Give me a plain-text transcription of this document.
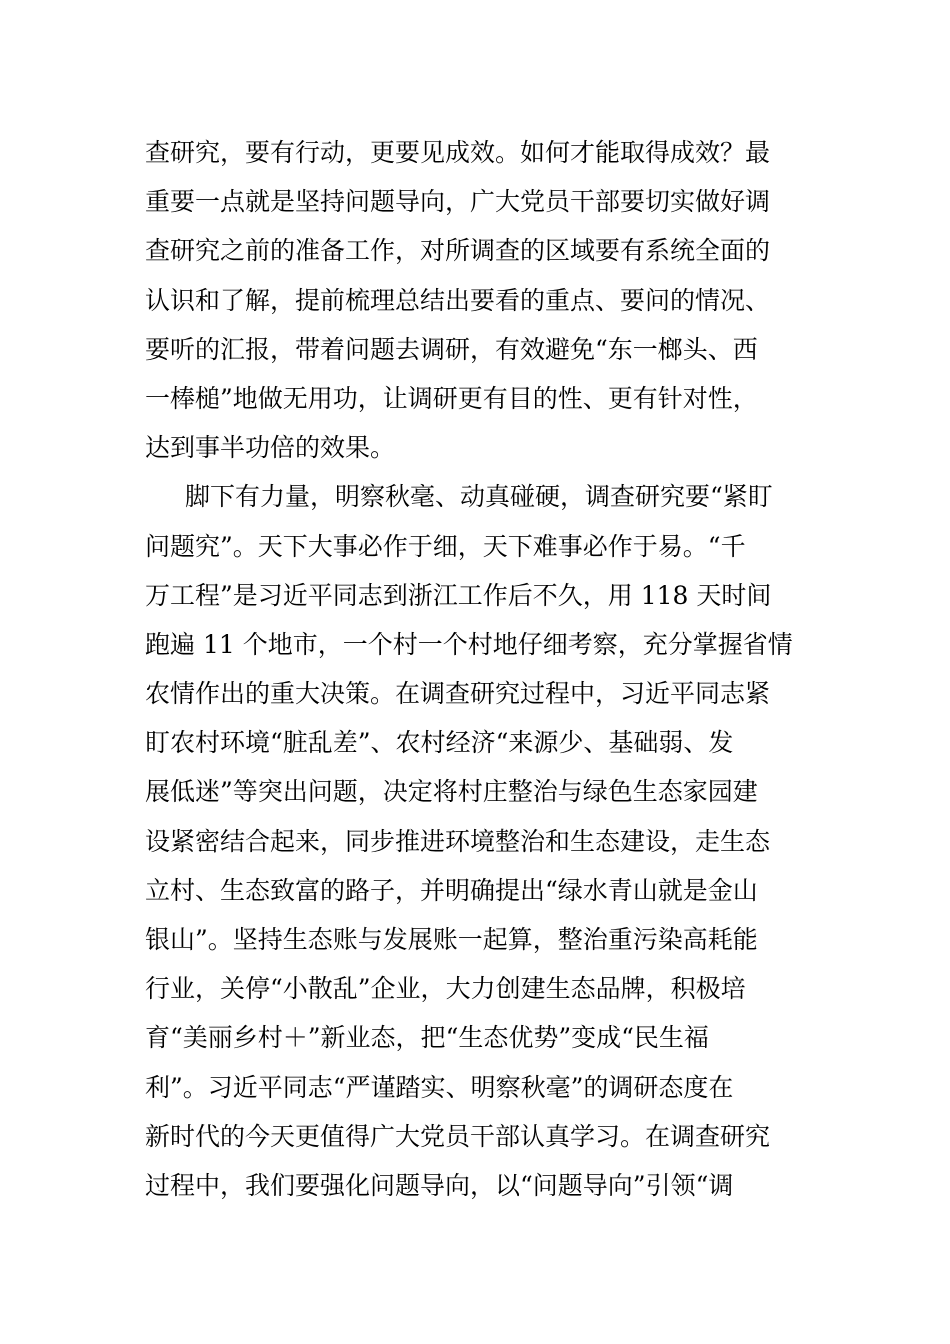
查研究，要有行动，更要见成效。如何才能取得成效？最
重要一点就是坚持问题导向，广大党员干部要切实做好调
查研究之前的准备工作，对所调查的区域要有系统全面的
认识和了解，提前梳理总结出要看的重点、要问的情况、
要听的汇报，带着问题去调研，有效避免“东一榔头、西
一棒槌”地做无用功，让调研更有目的性、更有针对性，
达到事半功倍的效果。
脚下有力量，明察秋毫、动真碰硬，调查研究要“紧盯
问题究”。天下大事必作于细，天下难事必作于易。“千
万工程”是习近平同志到浙江工作后不久，用 118 天时间
跑遍 11 个地市，一个村一个村地仔细考察，充分掌握省情
农情作出的重大决策。在调查研究过程中，习近平同志紧
盯农村环境“脏乱差”、农村经济“来源少、基础弱、发
展低迷”等突出问题，决定将村庄整治与绿色生态家园建
设紧密结合起来，同步推进环境整治和生态建设，走生态
立村、生态致富的路子，并明确提出“绿水青山就是金山
银山”。坚持生态账与发展账一起算，整治重污染高耗能
行业，关停“小散乱”企业，大力创建生态品牌，积极培
育“美丽乡村＋”新业态，把“生态优势”变成“民生福
利”。习近平同志“严谨踏实、明察秋毫”的调研态度在
新时代的今天更值得广大党员干部认真学习。在调查研究
过程中，我们要强化问题导向，以“问题导向”引领“调
